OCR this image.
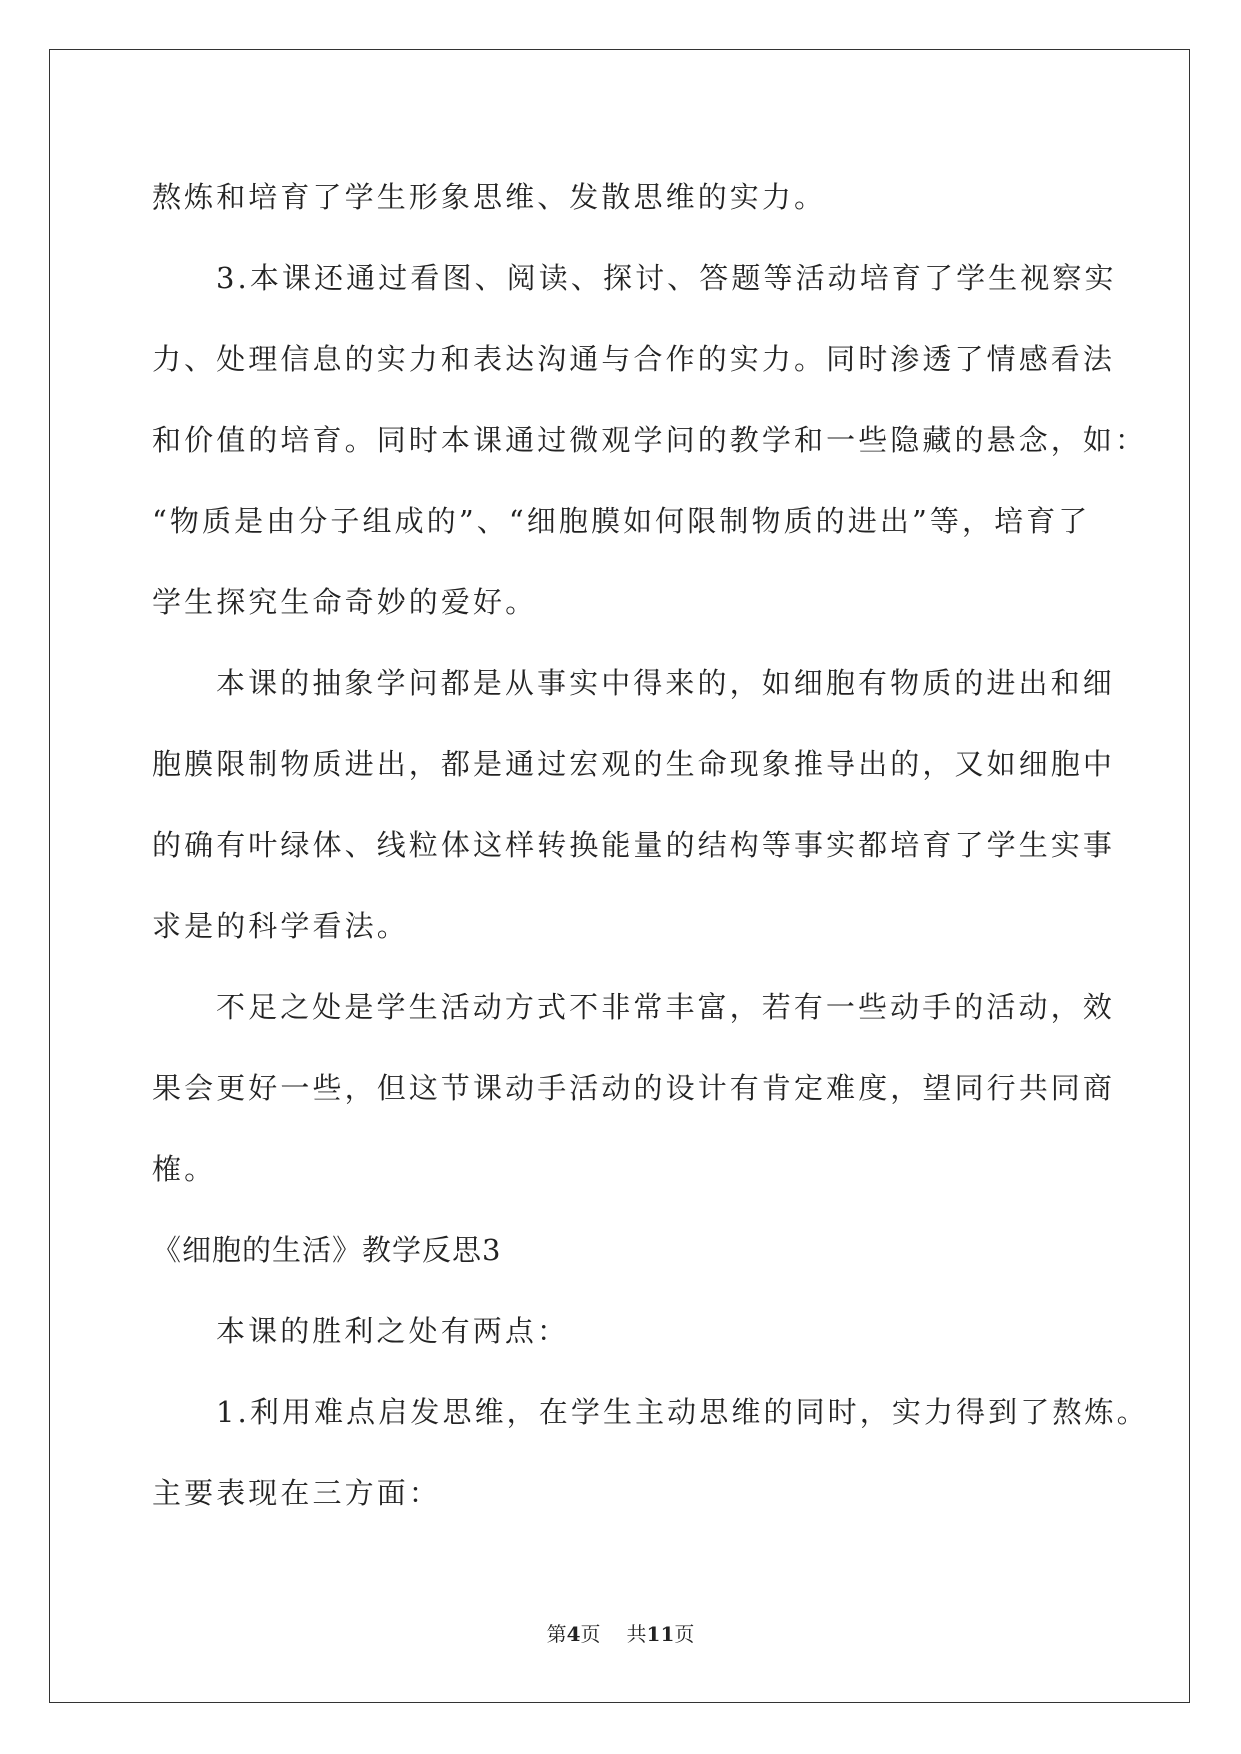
熬炼和培育了学生形象思维、发散思维的实力。
3.本课还通过看图、阅读、探讨、答题等活动培育了学生视察实
力、处理信息的实力和表达沟通与合作的实力。同时渗透了情感看法
和价值的培育。同时本课通过微观学问的教学和一些隐藏的悬念，如：
“物质是由分子组成的”、“细胞膜如何限制物质的进出”等，培育了
学生探究生命奇妙的爱好。
本课的抽象学问都是从事实中得来的，如细胞有物质的进出和细
胞膜限制物质进出，都是通过宏观的生命现象推导出的，又如细胞中
的确有叶绿体、线粒体这样转换能量的结构等事实都培育了学生实事
求是的科学看法。
不足之处是学生活动方式不非常丰富，若有一些动手的活动，效
果会更好一些，但这节课动手活动的设计有肯定难度，望同行共同商
榷。
《细胞的生活》教学反思3
本课的胜利之处有两点：
1.利用难点启发思维，在学生主动思维的同时，实力得到了熬炼。
主要表现在三方面：
第4页 共11页
